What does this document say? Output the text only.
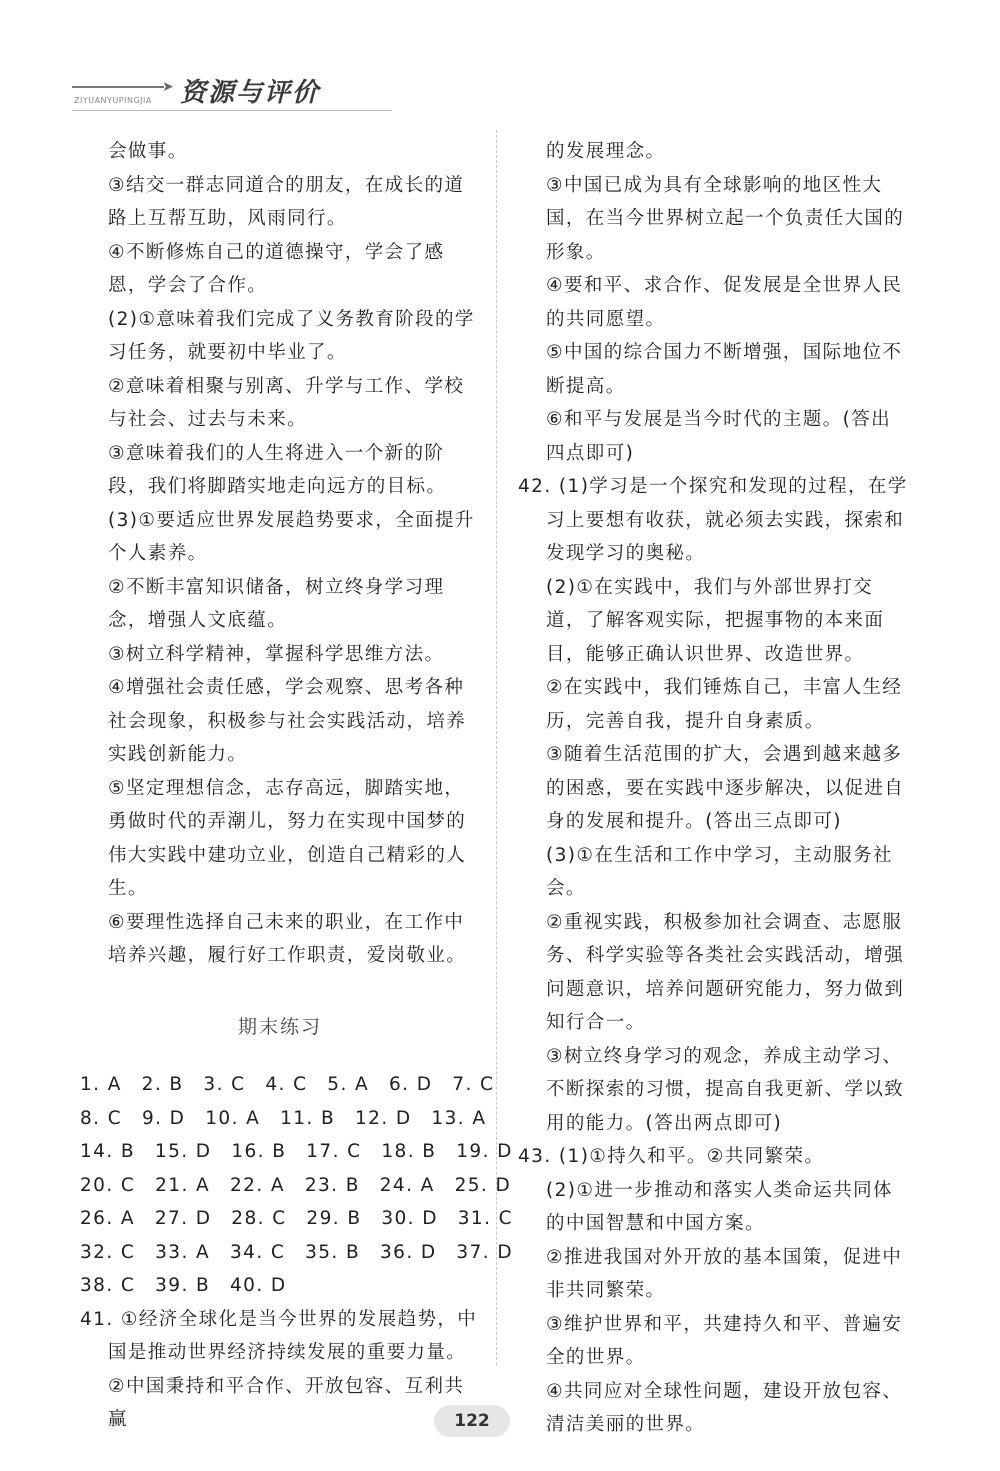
➤
ZIYUANYUPINGJIA 资源与评价

会做事。

③结交一群志同道合的朋友，在成长的道路上互帮互助，风雨同行。

④不断修炼自己的道德操守，学会了感恩，学会了合作。

(2)①意味着我们完成了义务教育阶段的学习任务，就要初中毕业了。

②意味着相聚与别离、升学与工作、学校与社会、过去与未来。

③意味着我们的人生将进入一个新的阶段，我们将脚踏实地走向远方的目标。

(3)①要适应世界发展趋势要求，全面提升个人素养。

②不断丰富知识储备，树立终身学习理念，增强人文底蕴。

③树立科学精神，掌握科学思维方法。

④增强社会责任感，学会观察、思考各种社会现象，积极参与社会实践活动，培养实践创新能力。

⑤坚定理想信念，志存高远，脚踏实地，勇做时代的弄潮儿，努力在实现中国梦的伟大实践中建功立业，创造自己精彩的人生。

⑥要理性选择自己未来的职业，在工作中培养兴趣，履行好工作职责，爱岗敬业。

期末练习
1. A　2. B　3. C　4. C　5. A　6. D　7. C
8. C　9. D　10. A　11. B　12. D　13. A
14. B　15. D　16. B　17. C　18. B　19. D
20. C　21. A　22. A　23. B　24. A　25. D
26. A　27. D　28. C　29. B　30. D　31. C
32. C　33. A　34. C　35. B　36. D　37. D
38. C　39. B　40. D

41. ①经济全球化是当今世界的发展趋势，中国是推动世界经济持续发展的重要力量。

②中国秉持和平合作、开放包容、互利共赢

的发展理念。

③中国已成为具有全球影响的地区性大国，在当今世界树立起一个负责任大国的形象。

④要和平、求合作、促发展是全世界人民的共同愿望。

⑤中国的综合国力不断增强，国际地位不断提高。

⑥和平与发展是当今时代的主题。(答出四点即可)

42. (1)学习是一个探究和发现的过程，在学习上要想有收获，就必须去实践，探索和发现学习的奥秘。

(2)①在实践中，我们与外部世界打交道，了解客观实际，把握事物的本来面目，能够正确认识世界、改造世界。

②在实践中，我们锤炼自己，丰富人生经历，完善自我，提升自身素质。

③随着生活范围的扩大，会遇到越来越多的困惑，要在实践中逐步解决，以促进自身的发展和提升。(答出三点即可)

(3)①在生活和工作中学习，主动服务社会。

②重视实践，积极参加社会调查、志愿服务、科学实验等各类社会实践活动，增强问题意识，培养问题研究能力，努力做到知行合一。

③树立终身学习的观念，养成主动学习、不断探索的习惯，提高自我更新、学以致用的能力。(答出两点即可)

43. (1)①持久和平。②共同繁荣。

(2)①进一步推动和落实人类命运共同体的中国智慧和中国方案。

②推进我国对外开放的基本国策，促进中非共同繁荣。

③维护世界和平，共建持久和平、普遍安全的世界。

④共同应对全球性问题，建设开放包容、清洁美丽的世界。

122
